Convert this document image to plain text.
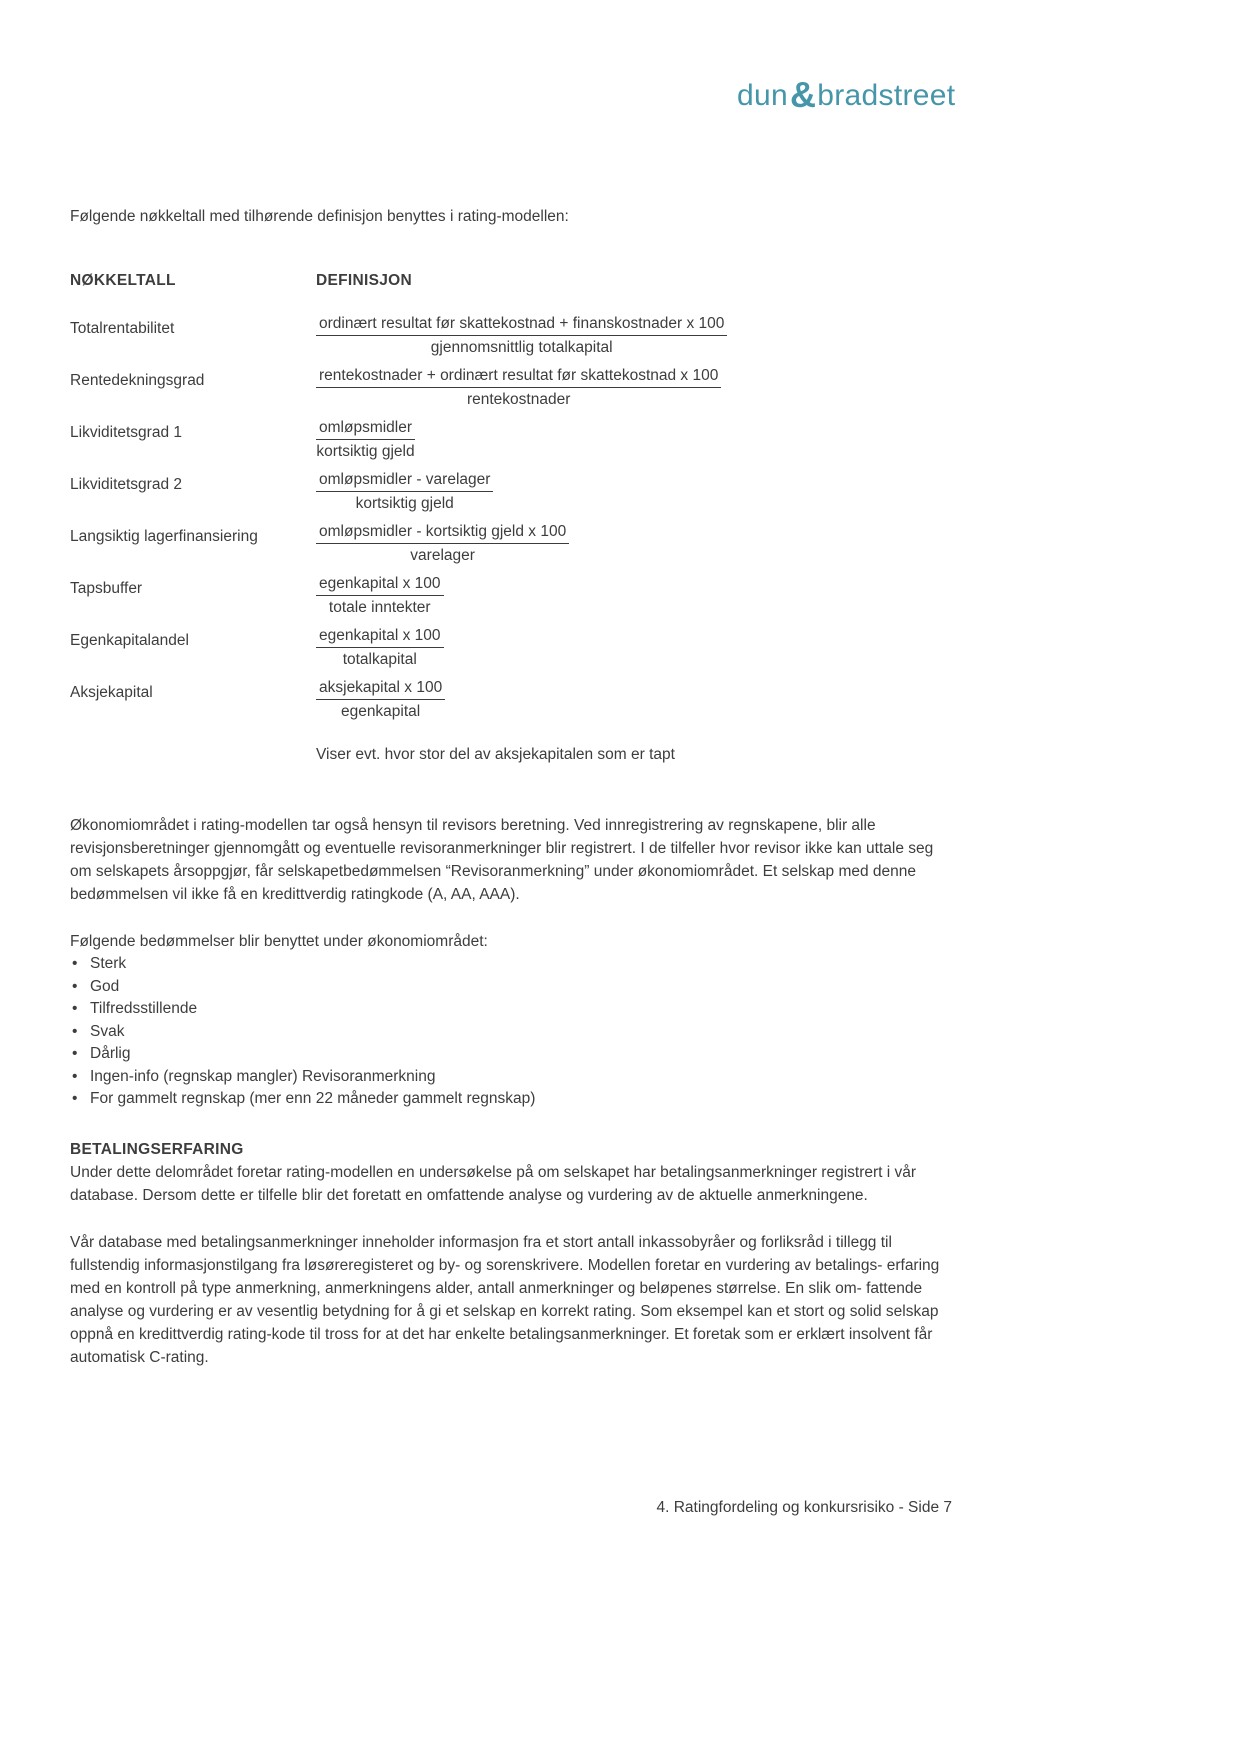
dun&bradstreet
Følgende nøkkeltall med tilhørende definisjon benyttes i rating-modellen:
NØKKELTALL	DEFINISJON
Totalrentabilitet	$\frac{\text{ordinært resultat før skattekostnad + finanskostnader x 100}}{\text{gjennomsnittlig totalkapital}}$
Rentedekningsgrad	$\frac{\text{rentekostnader + ordinært resultat før skattekostnad x 100}}{\text{rentekostnader}}$
Likviditetsgrad 1	$\frac{\text{omløpsmidler}}{\text{kortsiktig gjeld}}$
Likviditetsgrad 2	$\frac{\text{omløpsmidler - varelager}}{\text{kortsiktig gjeld}}$
Langsiktig lagerfinansiering	$\frac{\text{omløpsmidler - kortsiktig gjeld x 100}}{\text{varelager}}$
Tapsbuffer	$\frac{\text{egenkapital x 100}}{\text{totale inntekter}}$
Egenkapitalandel	$\frac{\text{egenkapital x 100}}{\text{totalkapital}}$
Aksjekapital	$\frac{\text{aksjekapital x 100}}{\text{egenkapital}}$
Viser evt. hvor stor del av aksjekapitalen som er tapt
Økonomiområdet i rating-modellen tar også hensyn til revisors beretning. Ved innregistrering av regnskapene, blir alle revisjonsberetninger gjennomgått og eventuelle revisoranmerkninger blir registrert. I de tilfeller hvor revisor ikke kan uttale seg om selskapets årsoppgjør, får selskapetbedømmelsen “Revisoranmerkning” under økonomiområdet. Et selskap med denne bedømmelsen vil ikke få en kredittverdig ratingkode (A, AA, AAA).
Følgende bedømmelser blir benyttet under økonomiområdet:
• Sterk
• God
• Tilfredsstillende
• Svak
• Dårlig
• Ingen-info (regnskap mangler) Revisoranmerkning
• For gammelt regnskap (mer enn 22 måneder gammelt regnskap)
BETALINGSERFARING
Under dette delområdet foretar rating-modellen en undersøkelse på om selskapet har betalingsanmerkninger registrert i vår database. Dersom dette er tilfelle blir det foretatt en omfattende analyse og vurdering av de aktuelle anmerkningene.
Vår database med betalingsanmerkninger inneholder informasjon fra et stort antall inkassobyråer og forliksråd i tillegg til fullstendig informasjonstilgang fra løsøreregisteret og by- og sorenskrivere. Modellen foretar en vurdering av betalings- erfaring med en kontroll på type anmerkning, anmerkningens alder, antall anmerkninger og beløpenes størrelse. En slik om- fattende analyse og vurdering er av vesentlig betydning for å gi et selskap en korrekt rating. Som eksempel kan et stort og solid selskap oppnå en kredittverdig rating-kode til tross for at det har enkelte betalingsanmerkninger. Et foretak som er erklært insolvent får automatisk C-rating.
4. Ratingfordeling og konkursrisiko - Side 7
